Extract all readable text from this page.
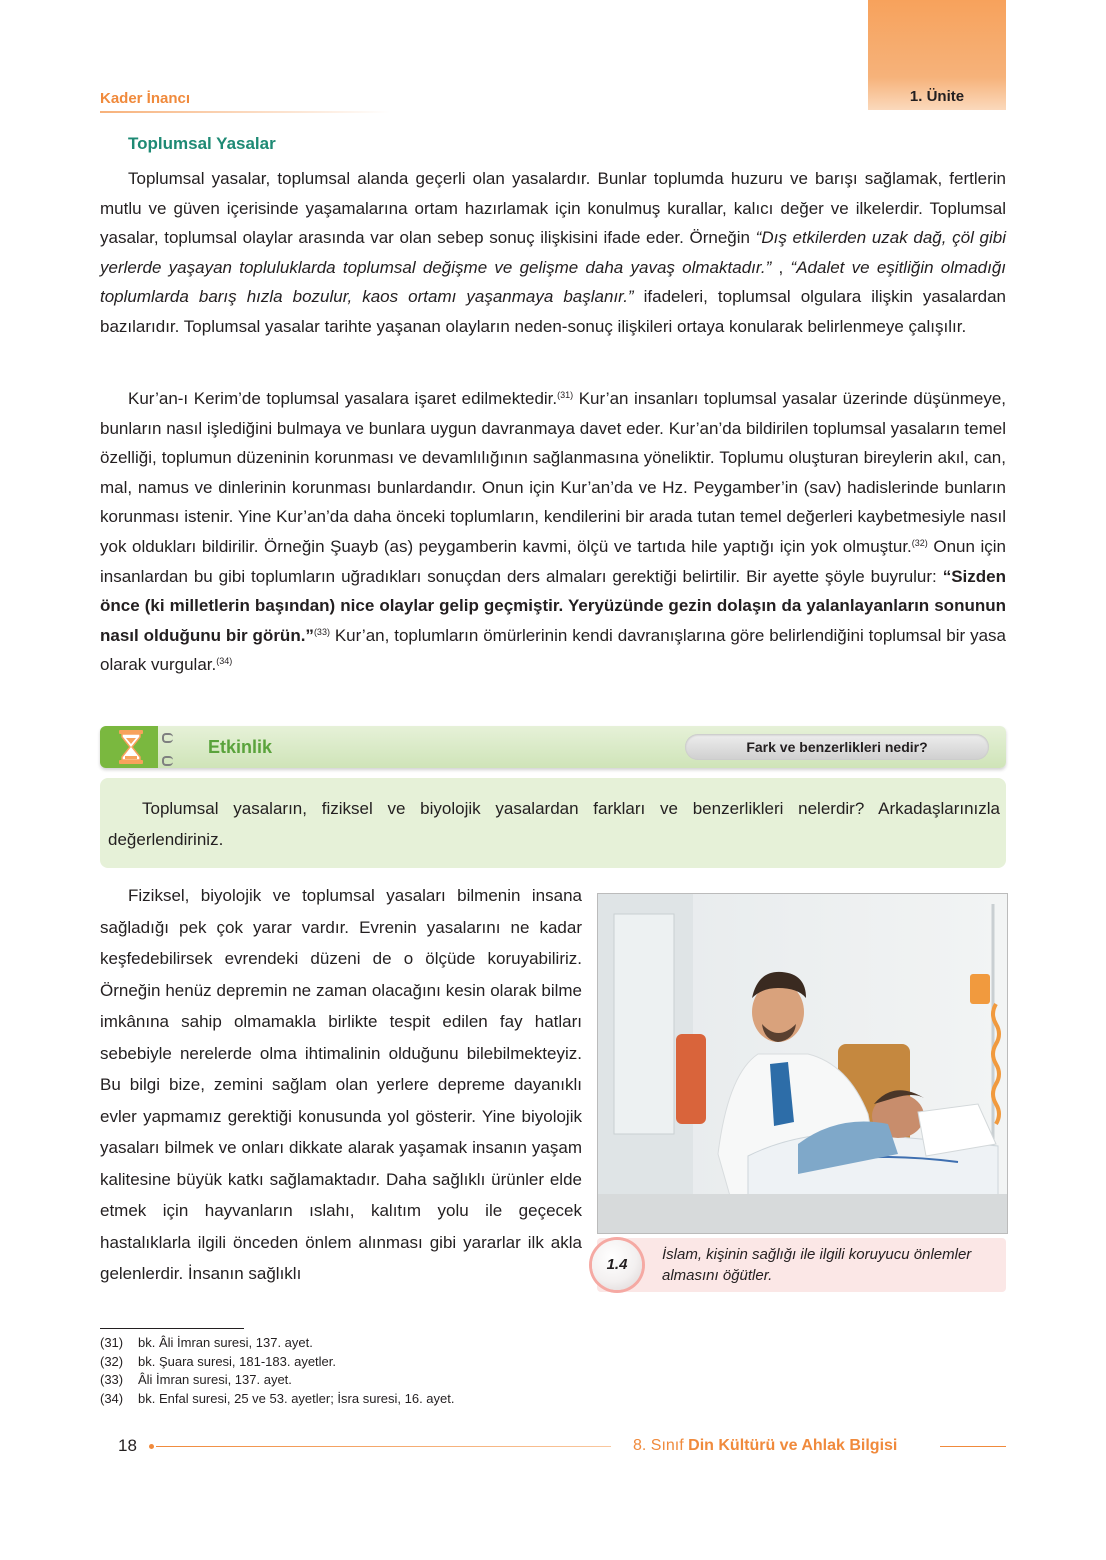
1. Ünite
Kader İnancı
Toplumsal Yasalar

Toplumsal yasalar, toplumsal alanda geçerli olan yasalardır. Bunlar toplumda huzuru ve barışı sağlamak, fertlerin mutlu ve güven içerisinde yaşamalarına ortam hazırlamak için konulmuş kurallar, kalıcı değer ve ilkelerdir. Toplumsal yasalar, toplumsal olaylar arasında var olan sebep sonuç ilişkisini ifade eder. Örneğin “Dış etkilerden uzak dağ, çöl gibi yerlerde yaşayan topluluklarda toplumsal değişme ve gelişme daha yavaş olmaktadır.” , “Adalet ve eşitliğin olmadığı toplumlarda barış hızla bozulur, kaos ortamı yaşanmaya başlanır.” ifadeleri, toplumsal olgulara ilişkin yasalardan bazılarıdır. Toplumsal yasalar tarihte yaşanan olayların neden-sonuç ilişkileri ortaya konularak belirlenmeye çalışılır.

Kur’an-ı Kerim’de toplumsal yasalara işaret edilmektedir.$^{(31)}$ Kur’an insanları toplumsal yasalar üzerinde düşünmeye, bunların nasıl işlediğini bulmaya ve bunlara uygun davranmaya davet eder. Kur’an’da bildirilen toplumsal yasaların temel özelliği, toplumun düzeninin korunması ve devamlılığının sağlanmasına yöneliktir. Toplumu oluşturan bireylerin akıl, can, mal, namus ve dinlerinin korunması bunlardandır. Onun için Kur’an’da ve Hz. Peygamber’in (sav) hadislerinde bunların korunması istenir. Yine Kur’an’da daha önceki toplumların, kendilerini bir arada tutan temel değerleri kaybetmesiyle nasıl yok oldukları bildirilir. Örneğin Şuayb (as) peygamberin kavmi, ölçü ve tartıda hile yaptığı için yok olmuştur.$^{(32)}$ Onun için insanlardan bu gibi toplumların uğradıkları sonuçdan ders almaları gerektiği belirtilir. Bir ayette şöyle buyrulur: “Sizden önce (ki milletlerin başından) nice olaylar gelip geçmiştir. Yeryüzünde gezin dolaşın da yalanlayanların sonunun nasıl olduğunu bir görün.”$^{(33)}$ Kur’an, toplumların ömürlerinin kendi davranışlarına göre belirlendiğini toplumsal bir yasa olarak vurgular.$^{(34)}$

Etkinlik	Fark ve benzerlikleri nedir?

Toplumsal yasaların, fiziksel ve biyolojik yasalardan farkları ve benzerlikleri nelerdir? Arkadaşlarınızla değerlendiriniz.

Fiziksel, biyolojik ve toplumsal yasaları bilmenin insana sağladığı pek çok yarar vardır. Evrenin yasalarını ne kadar keşfedebilirsek evrendeki düzeni de o ölçüde koruyabiliriz. Örneğin henüz depremin ne zaman olacağını kesin olarak bilme imkânına sahip olmamakla birlikte tespit edilen fay hatları sebebiyle nerelerde olma ihtimalinin olduğunu bilebilmekteyiz. Bu bilgi bize, zemini sağlam olan yerlere depreme dayanıklı evler yapmamız gerektiği konusunda yol gösterir. Yine biyolojik yasaları bilmek ve onları dikkate alarak yaşamak insanın yaşam kalitesine büyük katkı sağlamaktadır. Daha sağlıklı ürünler elde etmek için hayvanların ıslahı, kalıtım yolu ile geçecek hastalıklarla ilgili önceden önlem alınması gibi yararlar ilk akla gelenlerdir. İnsanın sağlıklı	1.4

İslam, kişinin sağlığı ile ilgili koruyucu önlemler almasını öğütler.

(31)	bk. Âli İmran suresi, 137. ayet.
(32)	bk. Şuara suresi, 181-183. ayetler.
(33)	Âli İmran suresi, 137. ayet.
(34)	bk. Enfal suresi, 25 ve 53. ayetler; İsra suresi, 16. ayet.
18	8. Sınıf Din Kültürü ve Ahlak Bilgisi
